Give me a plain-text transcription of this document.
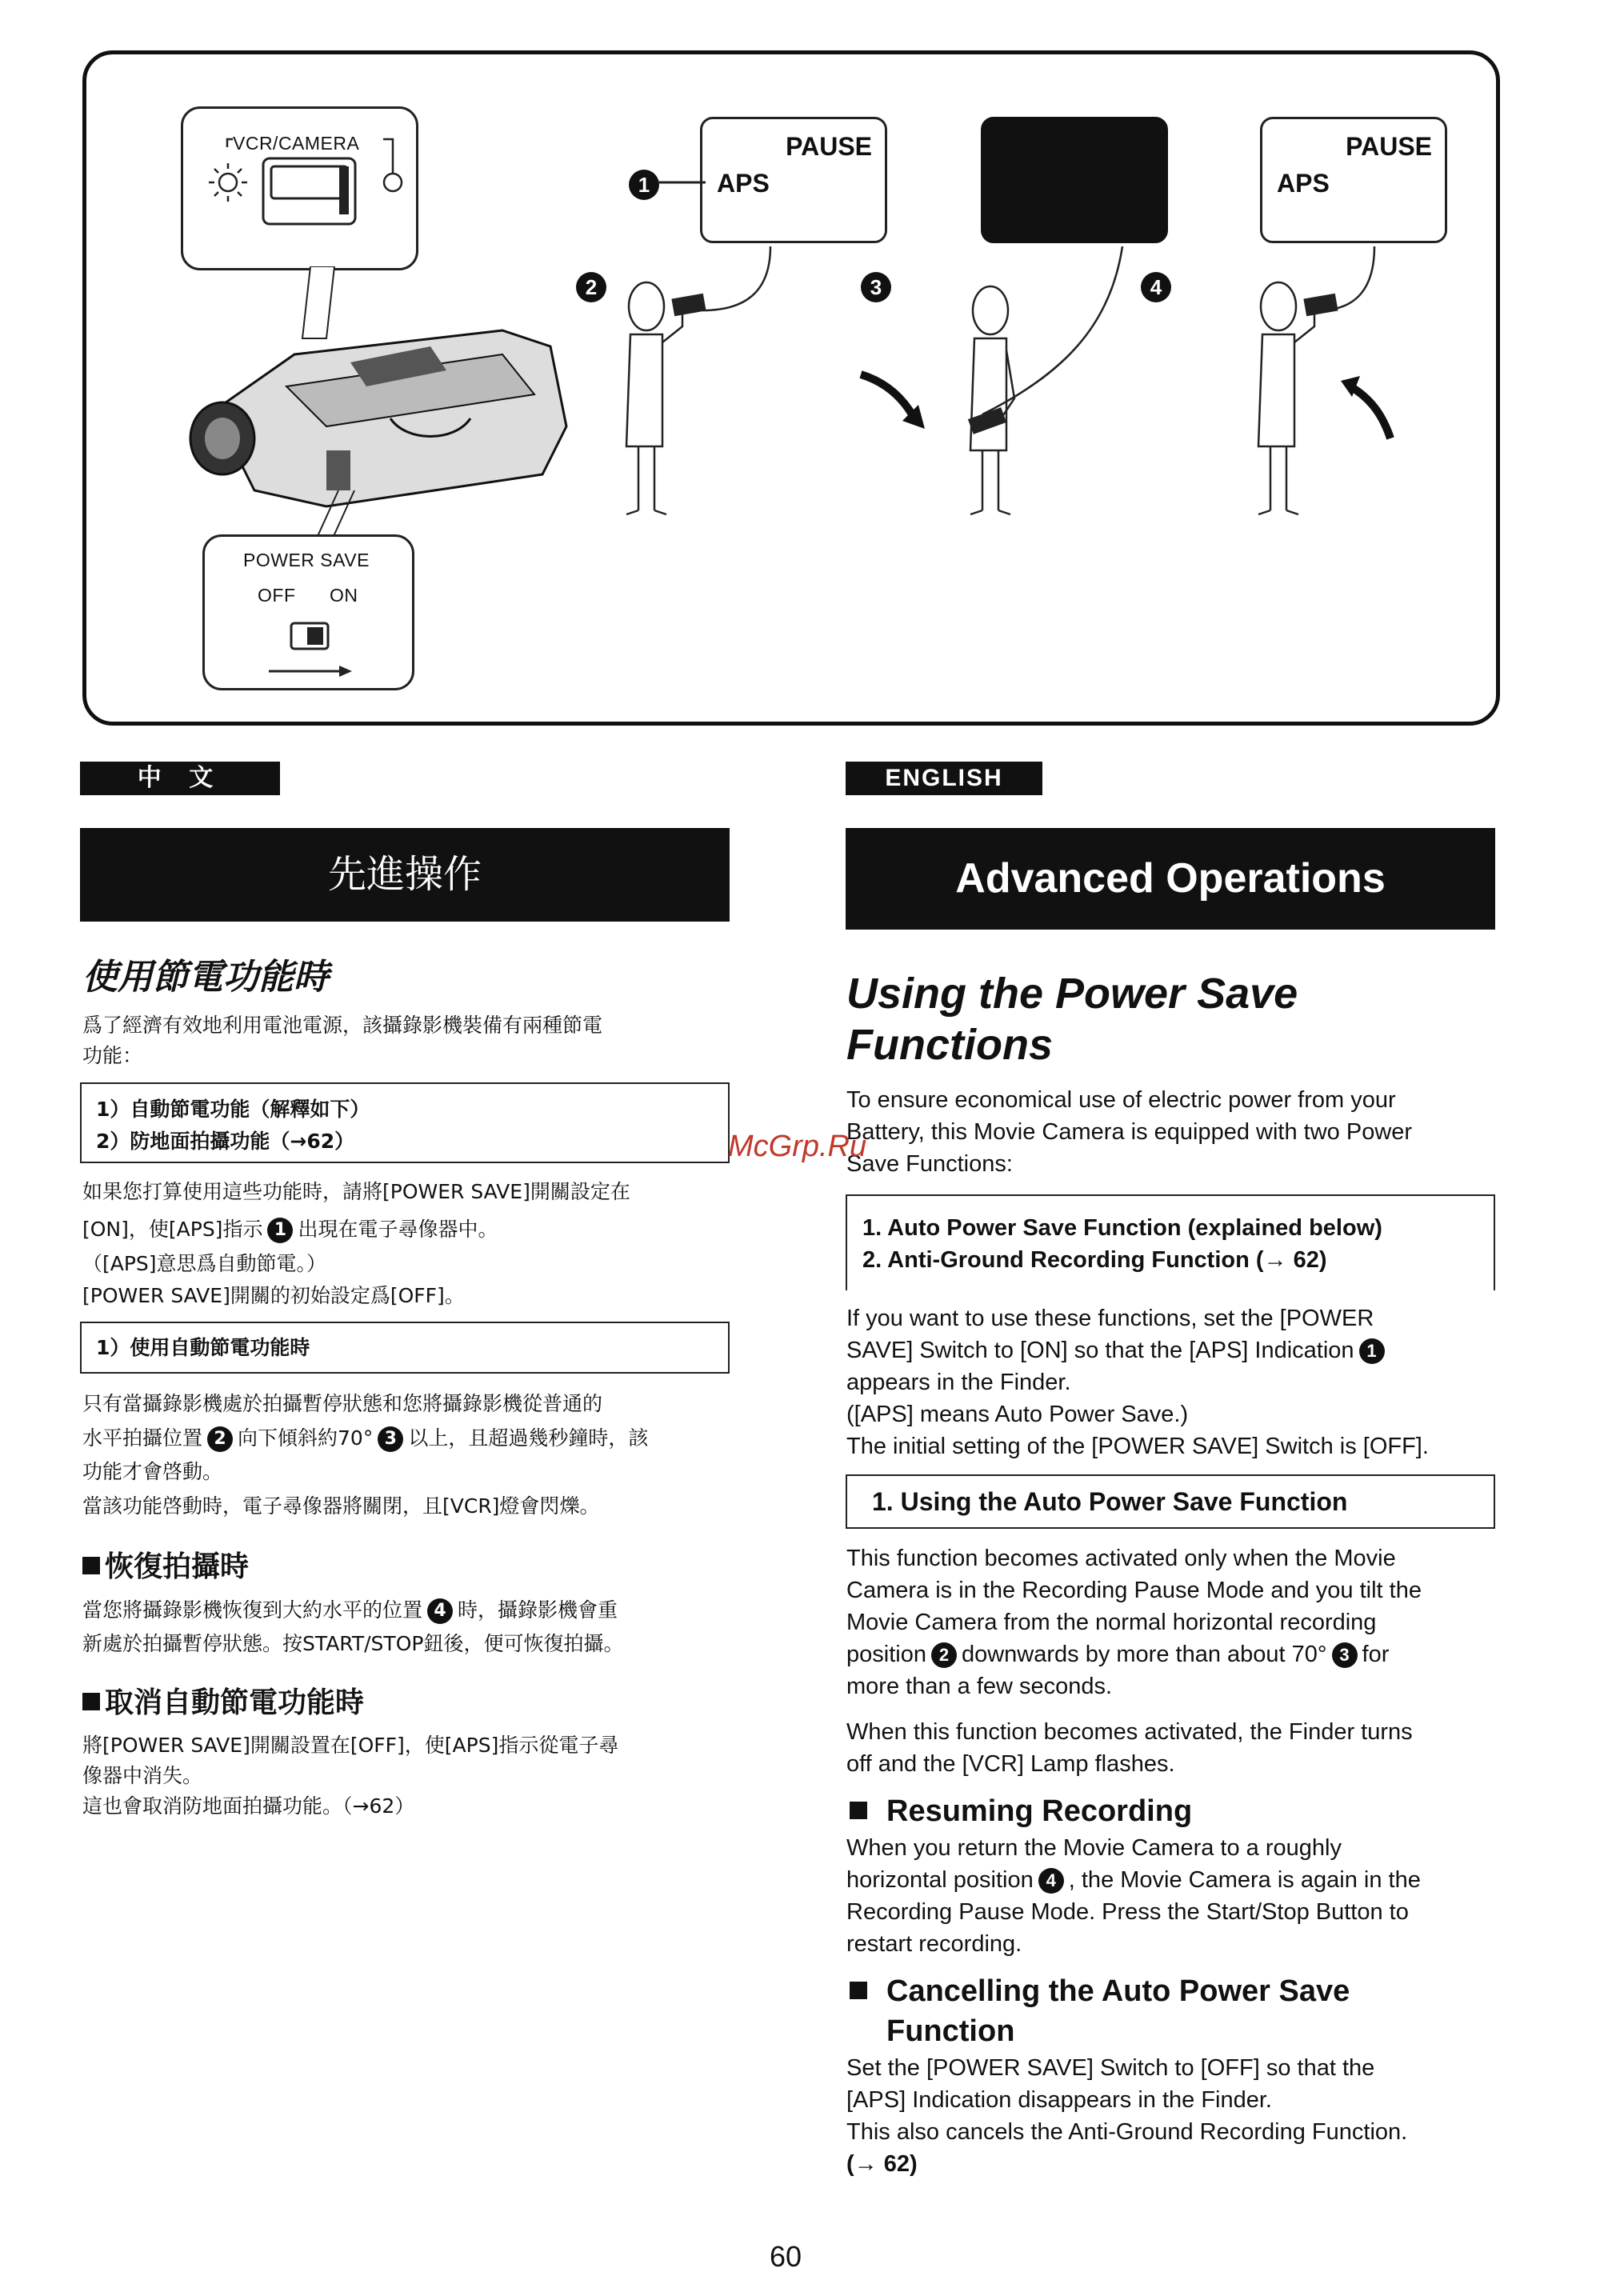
VCR/CAMERA
POWER SAVE
OFF ON
PAUSE
APS
1
PAUSE
APS
2	3	4
中 文
先進操作
使用節電功能時
爲了經濟有效地利用電池電源，該攝錄影機裝備有兩種節電
功能：
1）自動節電功能（解釋如下）
2）防地面拍攝功能（→62）
如果您打算使用這些功能時，請將[POWER SAVE]開關設定在
[ON]，使[APS]指示 1 出現在電子尋像器中。
（[APS]意思爲自動節電。）
[POWER SAVE]開關的初始設定爲[OFF]。
1）使用自動節電功能時
只有當攝錄影機處於拍攝暫停狀態和您將攝錄影機從普通的
水平拍攝位置 2 向下傾斜約70° 3 以上，且超過幾秒鐘時，該
功能才會啓動。
當該功能啓動時，電子尋像器將關閉，且[VCR]燈會閃爍。
恢復拍攝時
當您將攝錄影機恢復到大約水平的位置 4 時，攝錄影機會重
新處於拍攝暫停狀態。按START/STOP鈕後，便可恢復拍攝。
取消自動節電功能時
將[POWER SAVE]開關設置在[OFF]，使[APS]指示從電子尋
像器中消失。
這也會取消防地面拍攝功能。（→62）
ENGLISH
Advanced Operations
Using the Power Save
Functions
To ensure economical use of electric power from your
Battery, this Movie Camera is equipped with two Power
Save Functions:
McGrp.Ru
1. Auto Power Save Function (explained below)
2. Anti-Ground Recording Function (→ 62)
If you want to use these functions, set the [POWER
SAVE] Switch to [ON] so that the [APS] Indication 1
appears in the Finder.
([APS] means Auto Power Save.)
The initial setting of the [POWER SAVE] Switch is [OFF].
1. Using the Auto Power Save Function
This function becomes activated only when the Movie
Camera is in the Recording Pause Mode and you tilt the
Movie Camera from the normal horizontal recording
position 2 downwards by more than about 70° 3 for
more than a few seconds.
When this function becomes activated, the Finder turns
off and the [VCR] Lamp flashes.
Resuming Recording
When you return the Movie Camera to a roughly
horizontal position 4 , the Movie Camera is again in the
Recording Pause Mode. Press the Start/Stop Button to
restart recording.
Cancelling the Auto Power Save
Function
Set the [POWER SAVE] Switch to [OFF] so that the
[APS] Indication disappears in the Finder.
This also cancels the Anti-Ground Recording Function.
(→ 62)
60
